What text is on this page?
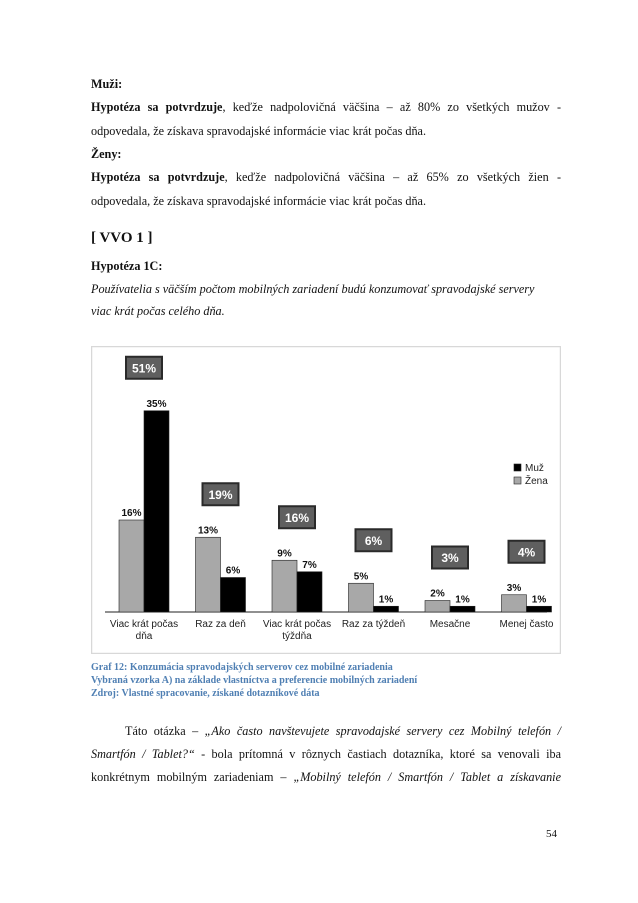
Muži:
Hypotéza sa potvrdzuje, keďže nadpolovičná väčšina – až 80% zo všetkých mužov -
odpovedala, že získava spravodajské informácie viac krát počas dňa.
Ženy:
Hypotéza sa potvrdzuje, keďže nadpolovičná väčšina – až 65% zo všetkých žien -
odpovedala, že získava spravodajské informácie viac krát počas dňa.
[ VVO 1 ]
Hypotéza 1C:
Používatelia s väčším počtom mobilných zariadení budú konzumovať spravodajské servery
viac krát počas celého dňa.
16%
35%
51%
Viac krát počas
dňa
13%
6%
19%
Raz za deň
9%
7%
16%
Viac krát počas
týždňa
5%
1%
6%
Raz za týždeň
2%
1%
3%
Mesačne
3%
1%
4%
Menej často
Muž
Žena
Graf 12: Konzumácia spravodajských serverov cez mobilné zariadenia
Vybraná vzorka A) na základe vlastníctva a preferencie mobilných zariadení
Zdroj: Vlastné spracovanie, získané dotazníkové dáta
Táto otázka – „Ako často navštevujete spravodajské servery cez Mobilný telefón /
Smartfón / Tablet?“ - bola prítomná v rôznych častiach dotazníka, ktoré sa venovali iba
konkrétnym mobilným zariadeniam – „Mobilný telefón / Smartfón / Tablet a získavanie
54
